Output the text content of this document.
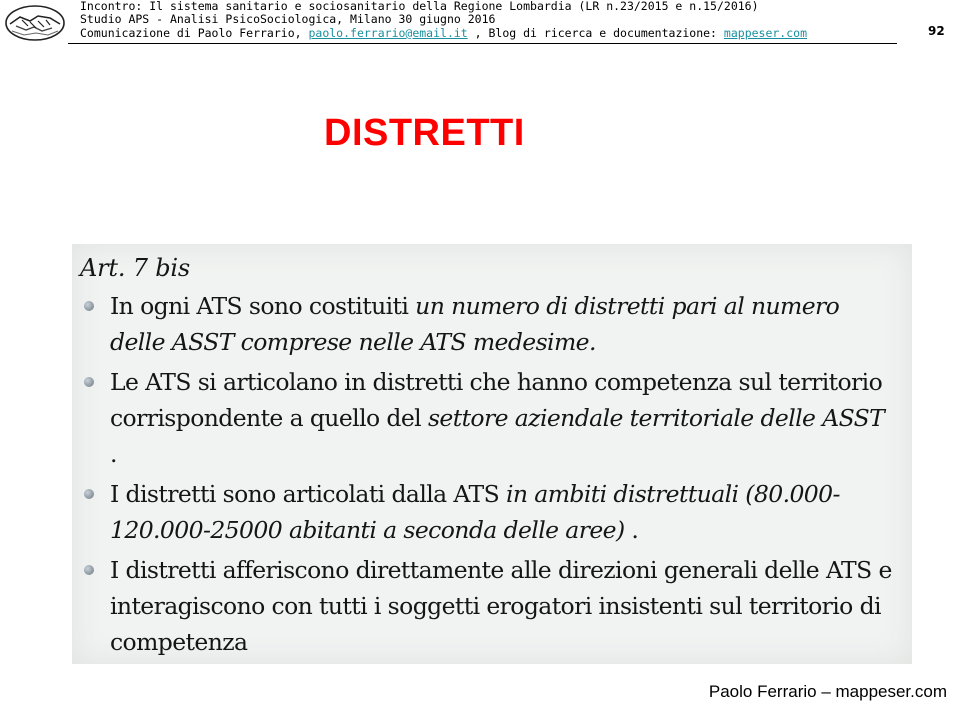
Incontro: Il sistema sanitario e sociosanitario della Regione Lombardia (LR n.23/2015 e n.15/2016)
Studio APS - Analisi PsicoSociologica, Milano 30 giugno 2016
Comunicazione di Paolo Ferrario, paolo.ferrario@email.it , Blog di ricerca e documentazione: mappeser.com	92
DISTRETTI
Art. 7 bis
In ogni ATS sono costituiti un numero di distretti pari al numero delle ASST comprese nelle ATS medesime.
Le ATS si articolano in distretti che hanno competenza sul territorio corrispondente a quello del settore aziendale territoriale delle ASST .
I distretti sono articolati dalla ATS in ambiti distrettuali (80.000-120.000-25000 abitanti a seconda delle aree) .
I distretti afferiscono direttamente alle direzioni generali delle ATS e interagiscono con tutti i soggetti erogatori insistenti sul territorio di competenza
Paolo Ferrario – mappeser.com
